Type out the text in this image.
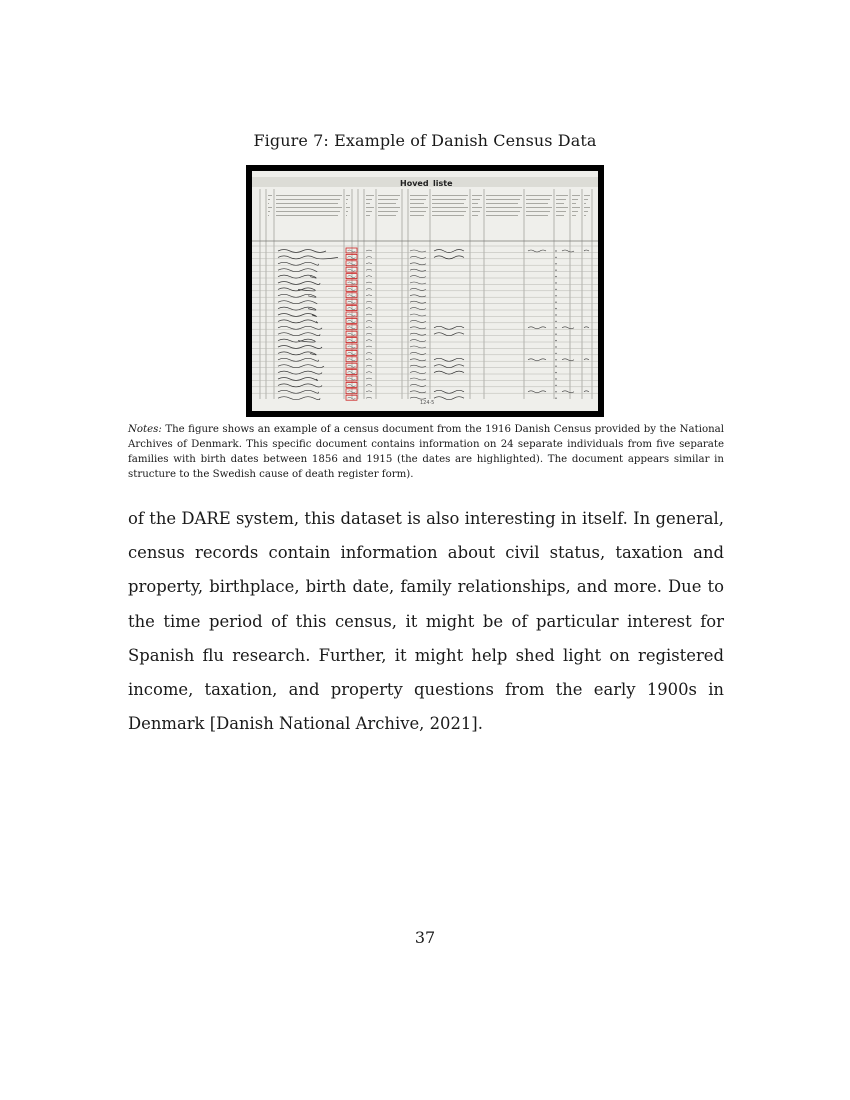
Figure 7: Example of Danish Census Data
Hoved liste
124·5
Notes: The figure shows an example of a census document from the 1916 Danish Census provided by the National Archives of Denmark. This specific document contains information on 24 separate individuals from five separate families with birth dates between 1856 and 1915 (the dates are highlighted). The document appears similar in structure to the Swedish cause of death register form).

of the DARE system, this dataset is also interesting in itself. In general, census records contain information about civil status, taxation and property, birthplace, birth date, family relationships, and more. Due to the time period of this census, it might be of particular interest for Spanish flu research. Further, it might help shed light on registered income, taxation, and property questions from the early 1900s in Denmark [Danish National Archive, 2021].

37
